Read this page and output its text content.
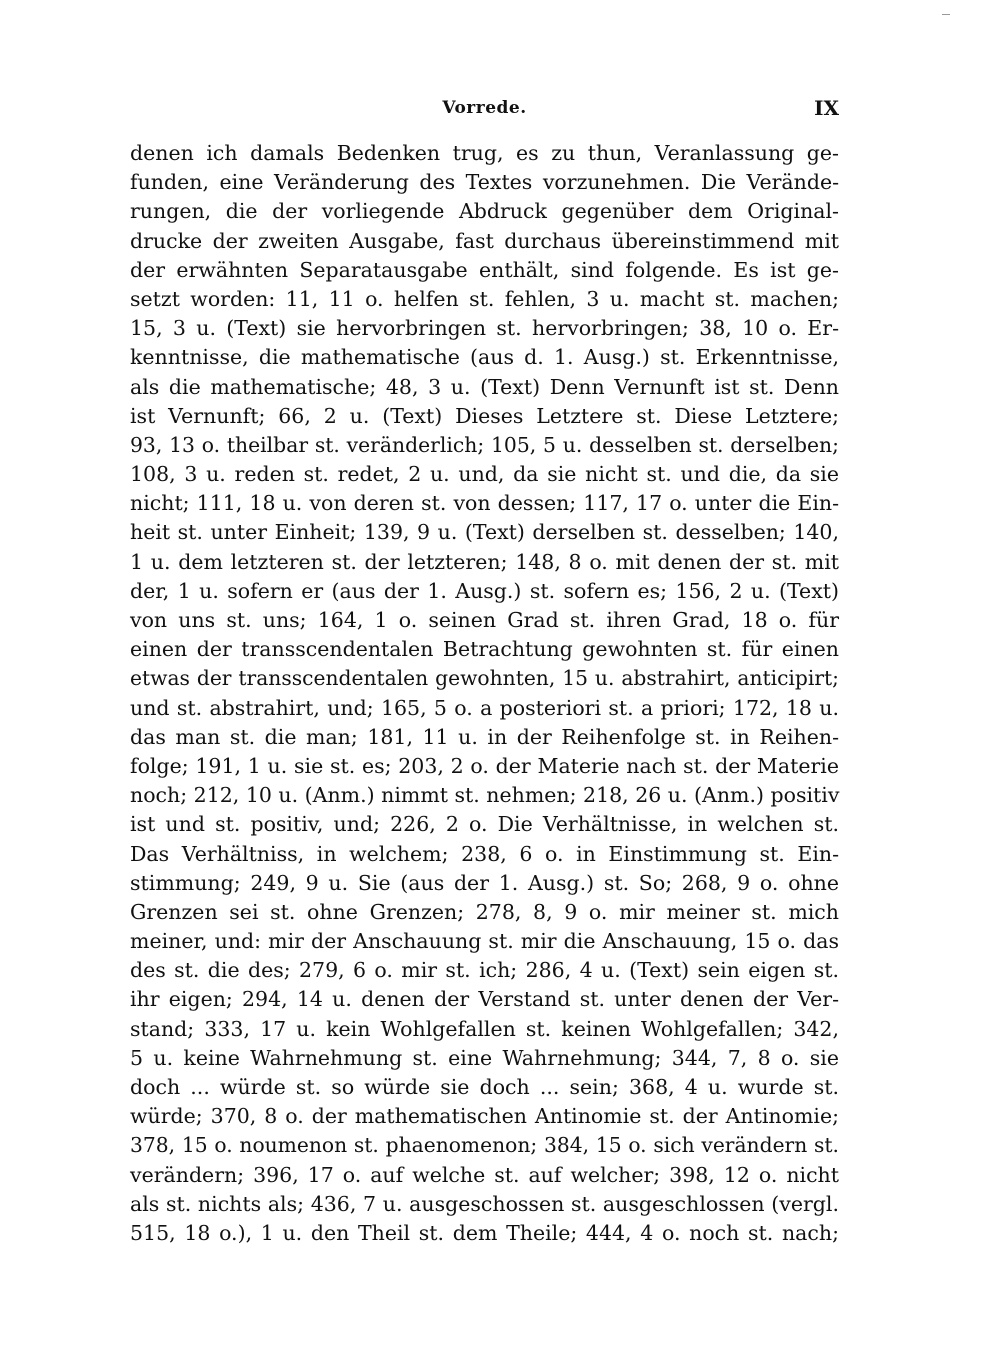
Vorrede.	IX
denen ich damals Bedenken trug, es zu thun, Veranlassung ge-
funden, eine Veränderung des Textes vorzunehmen. Die Verände-
rungen, die der vorliegende Abdruck gegenüber dem Original-
drucke der zweiten Ausgabe, fast durchaus übereinstimmend mit
der erwähnten Separatausgabe enthält, sind folgende. Es ist ge-
setzt worden: 11, 11 o. helfen st. fehlen, 3 u. macht st. machen;
15, 3 u. (Text) sie hervorbringen st. hervorbringen; 38, 10 o. Er-
kenntnisse, die mathematische (aus d. 1. Ausg.) st. Erkenntnisse,
als die mathematische; 48, 3 u. (Text) Denn Vernunft ist st. Denn
ist Vernunft; 66, 2 u. (Text) Dieses Letztere st. Diese Letztere;
93, 13 o. theilbar st. veränderlich; 105, 5 u. desselben st. derselben;
108, 3 u. reden st. redet, 2 u. und, da sie nicht st. und die, da sie
nicht; 111, 18 u. von deren st. von dessen; 117, 17 o. unter die Ein-
heit st. unter Einheit; 139, 9 u. (Text) derselben st. desselben; 140,
1 u. dem letzteren st. der letzteren; 148, 8 o. mit denen der st. mit
der, 1 u. sofern er (aus der 1. Ausg.) st. sofern es; 156, 2 u. (Text)
von uns st. uns; 164, 1 o. seinen Grad st. ihren Grad, 18 o. für
einen der transscendentalen Betrachtung gewohnten st. für einen
etwas der transscendentalen gewohnten, 15 u. abstrahirt, anticipirt;
und st. abstrahirt, und; 165, 5 o. a posteriori st. a priori; 172, 18 u.
das man st. die man; 181, 11 u. in der Reihenfolge st. in Reihen-
folge; 191, 1 u. sie st. es; 203, 2 o. der Materie nach st. der Materie
noch; 212, 10 u. (Anm.) nimmt st. nehmen; 218, 26 u. (Anm.) positiv
ist und st. positiv, und; 226, 2 o. Die Verhältnisse, in welchen st.
Das Verhältniss, in welchem; 238, 6 o. in Einstimmung st. Ein-
stimmung; 249, 9 u. Sie (aus der 1. Ausg.) st. So; 268, 9 o. ohne
Grenzen sei st. ohne Grenzen; 278, 8, 9 o. mir meiner st. mich
meiner, und: mir der Anschauung st. mir die Anschauung, 15 o. das
des st. die des; 279, 6 o. mir st. ich; 286, 4 u. (Text) sein eigen st.
ihr eigen; 294, 14 u. denen der Verstand st. unter denen der Ver-
stand; 333, 17 u. kein Wohlgefallen st. keinen Wohlgefallen; 342,
5 u. keine Wahrnehmung st. eine Wahrnehmung; 344, 7, 8 o. sie
doch ... würde st. so würde sie doch ... sein; 368, 4 u. wurde st.
würde; 370, 8 o. der mathematischen Antinomie st. der Antinomie;
378, 15 o. noumenon st. phaenomenon; 384, 15 o. sich verändern st.
verändern; 396, 17 o. auf welche st. auf welcher; 398, 12 o. nicht
als st. nichts als; 436, 7 u. ausgeschossen st. ausgeschlossen (vergl.
515, 18 o.), 1 u. den Theil st. dem Theile; 444, 4 o. noch st. nach;
